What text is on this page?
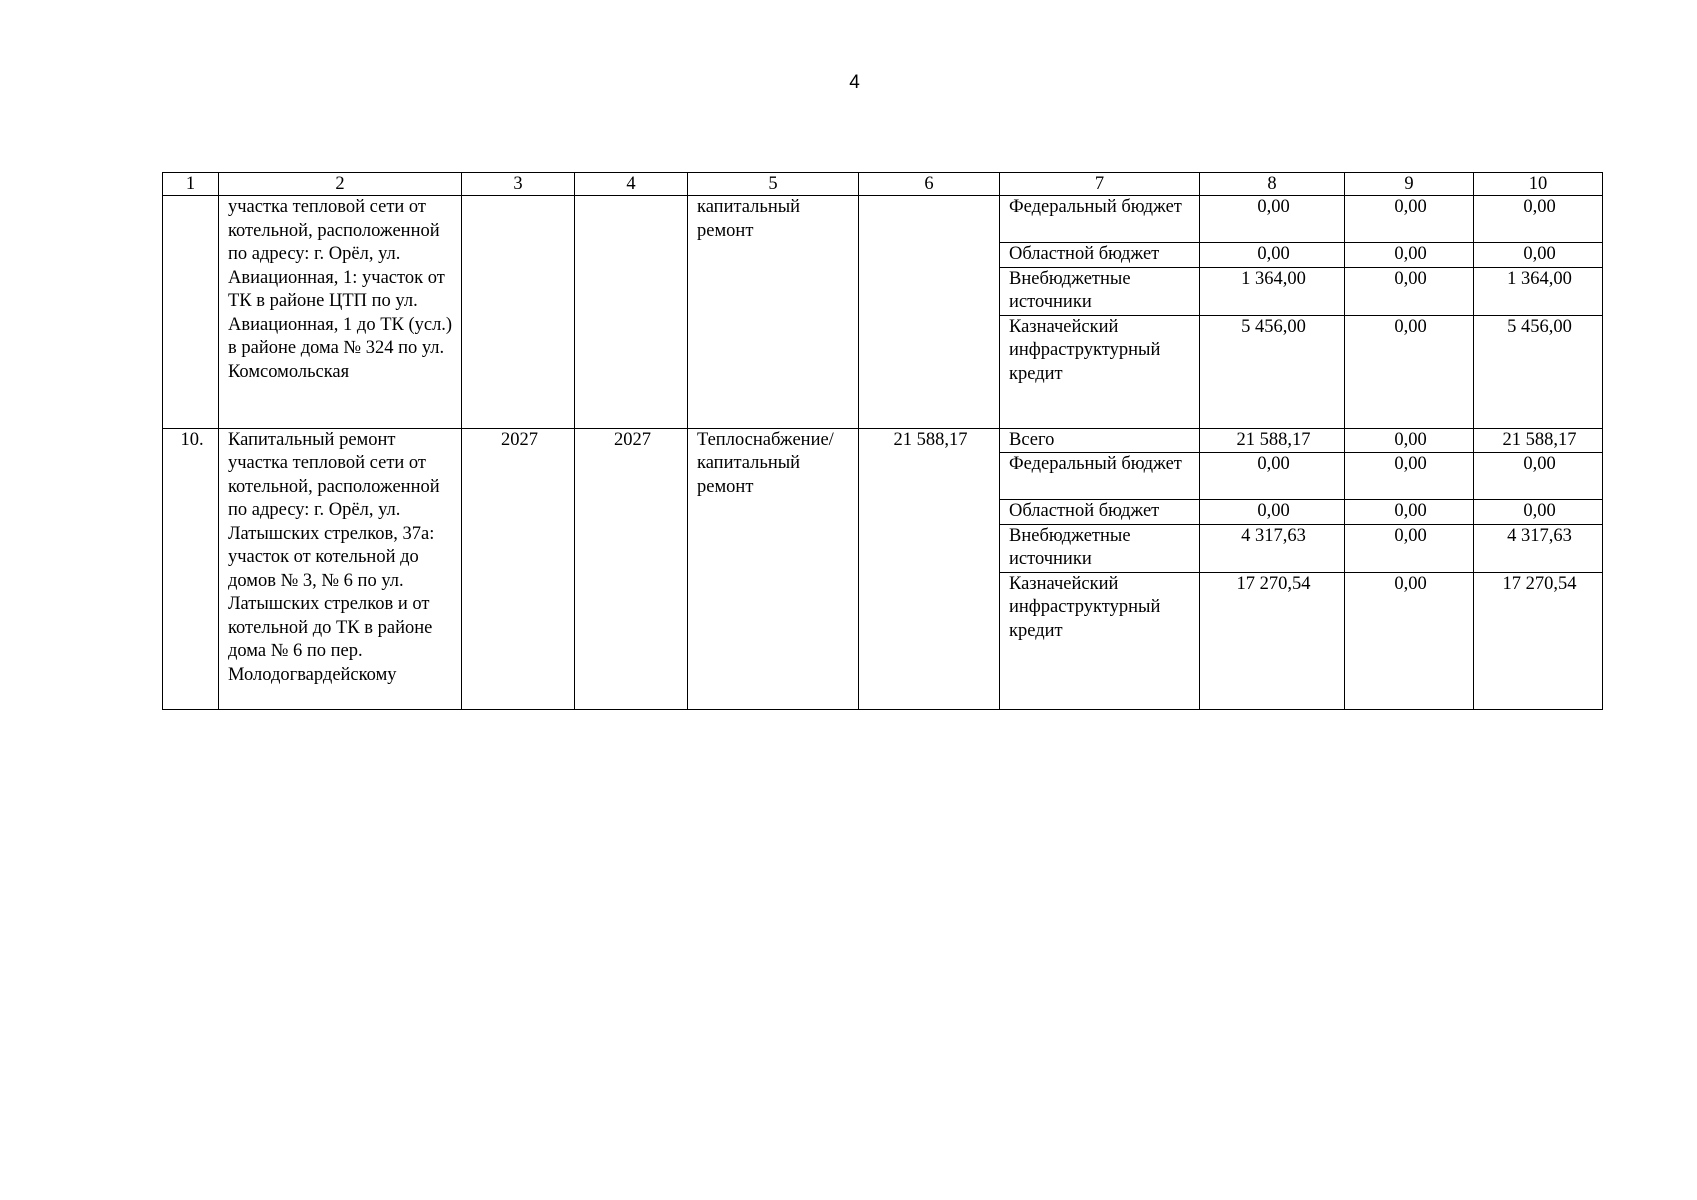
4
1	2	3	4	5	6	7	8	9	10
	участка тепловой сети от котельной, расположенной по адресу: г. Орёл, ул. Авиационная, 1: участок от ТК в районе ЦТП по ул. Авиационная, 1 до ТК (усл.) в районе дома № 324 по ул. Комсомольская			капитальный ремонт		Федеральный бюджет	0,00	0,00	0,00
						Областной бюджет	0,00	0,00	0,00
						Внебюджетные источники	1 364,00	0,00	1 364,00
						Казначейский инфраструктурный кредит	5 456,00	0,00	5 456,00
10.	Капитальный ремонт участка тепловой сети от котельной, расположенной по адресу: г. Орёл, ул. Латышских стрелков, 37а: участок от котельной до домов № 3, № 6 по ул. Латышских стрелков и от котельной до ТК в районе дома № 6 по пер. Молодогвардейскому	2027	2027	Теплоснабжение/ капитальный ремонт	21 588,17	Всего	21 588,17	0,00	21 588,17
						Федеральный бюджет	0,00	0,00	0,00
						Областной бюджет	0,00	0,00	0,00
						Внебюджетные источники	4 317,63	0,00	4 317,63
						Казначейский инфраструктурный кредит	17 270,54	0,00	17 270,54
